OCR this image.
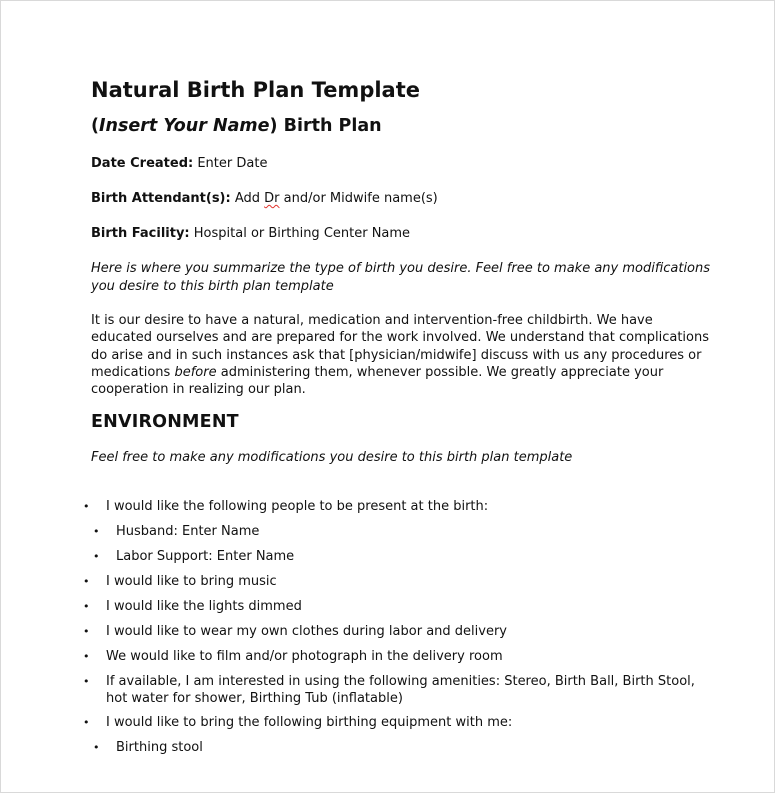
Natural Birth Plan Template
(Insert Your Name) Birth Plan

Date Created: Enter Date

Birth Attendant(s): Add Dr and/or Midwife name(s)

Birth Facility: Hospital or Birthing Center Name

Here is where you summarize the type of birth you desire. Feel free to make any modifications you desire to this birth plan template

It is our desire to have a natural, medication and intervention-free childbirth. We have educated ourselves and are prepared for the work involved. We understand that complications do arise and in such instances ask that [physician/midwife] discuss with us any procedures or medications before administering them, whenever possible. We greatly appreciate your cooperation in realizing our plan.

ENVIRONMENT

Feel free to make any modifications you desire to this birth plan template

• I would like the following people to be present at the birth:
• Husband: Enter Name
• Labor Support: Enter Name
• I would like to bring music
• I would like the lights dimmed
• I would like to wear my own clothes during labor and delivery
• We would like to film and/or photograph in the delivery room
• If available, I am interested in using the following amenities: Stereo, Birth Ball, Birth Stool, hot water for shower, Birthing Tub (inflatable)
• I would like to bring the following birthing equipment with me:
• Birthing stool
